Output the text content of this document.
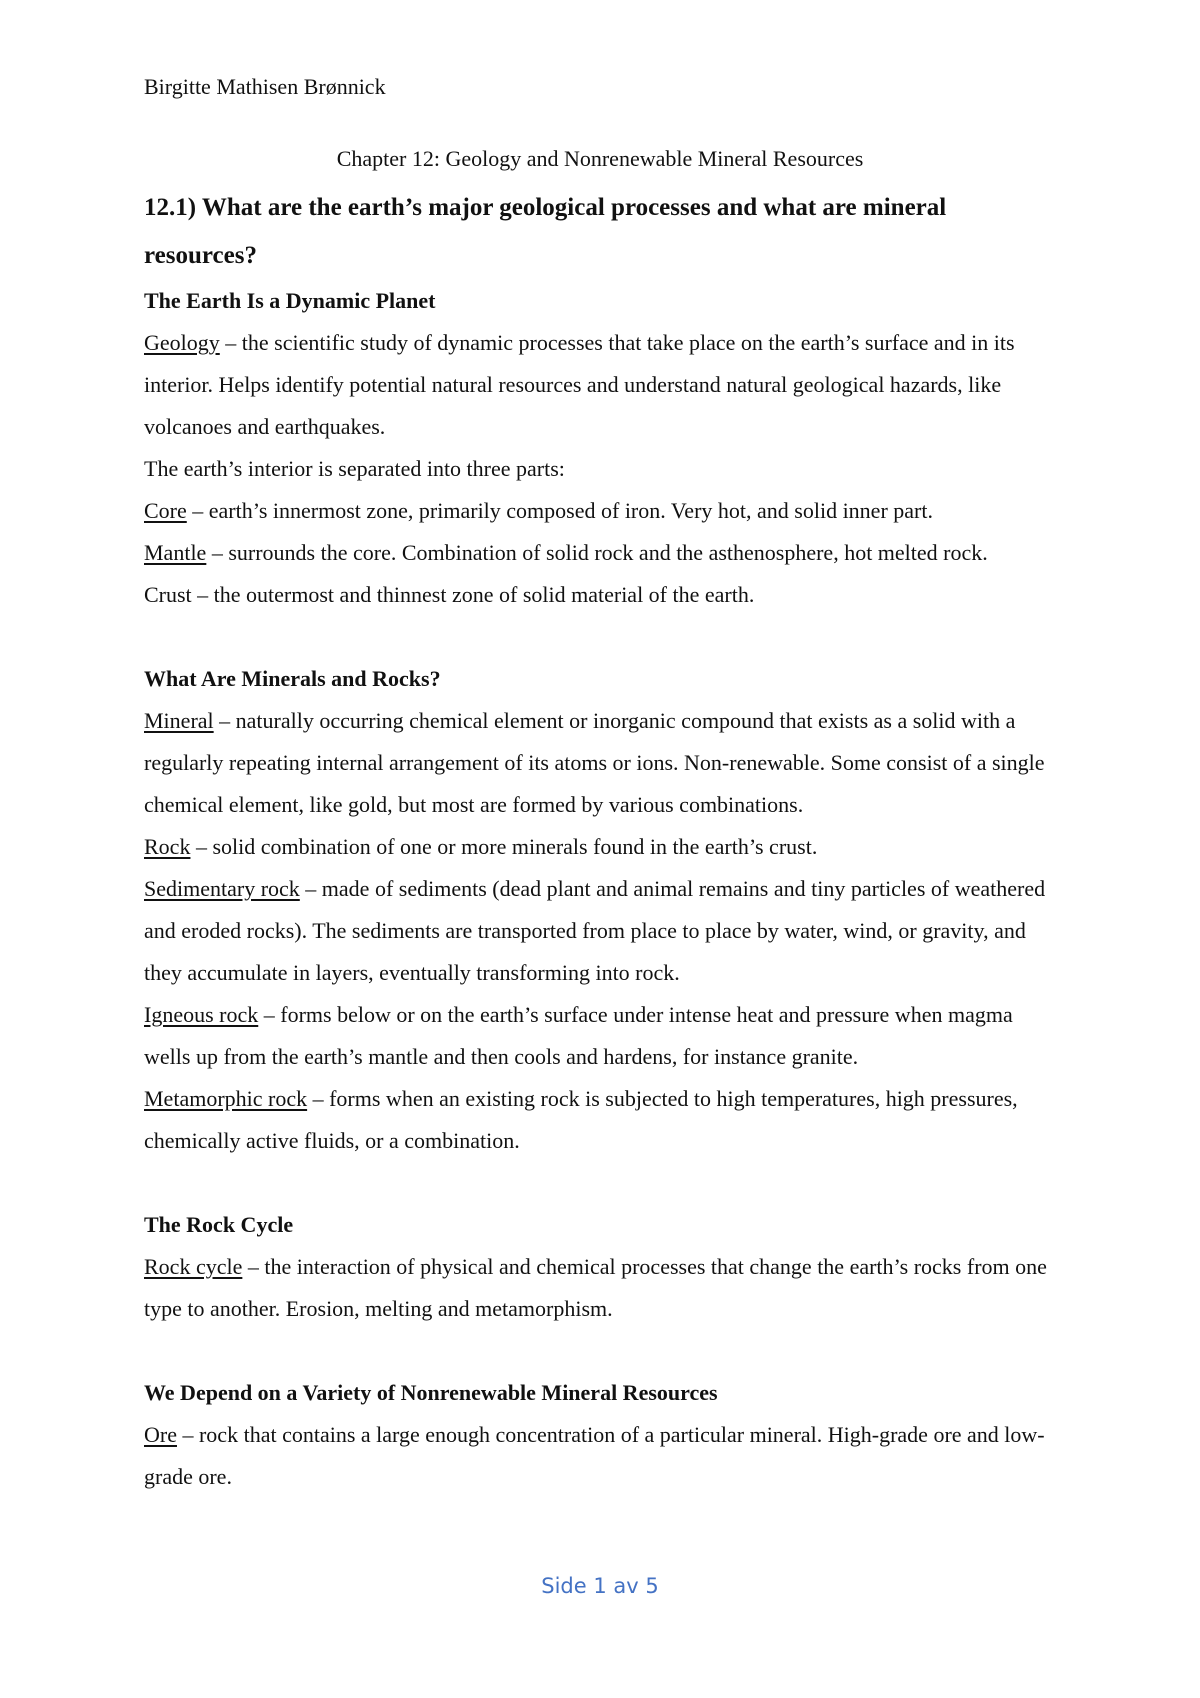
Birgitte Mathisen Brønnick
Chapter 12: Geology and Nonrenewable Mineral Resources

12.1) What are the earth’s major geological processes and what are mineral resources?

The Earth Is a Dynamic Planet

Geology – the scientific study of dynamic processes that take place on the earth’s surface and in its interior. Helps identify potential natural resources and understand natural geological hazards, like volcanoes and earthquakes.

The earth’s interior is separated into three parts:

Core – earth’s innermost zone, primarily composed of iron. Very hot, and solid inner part.

Mantle – surrounds the core. Combination of solid rock and the asthenosphere, hot melted rock.

Crust – the outermost and thinnest zone of solid material of the earth.

What Are Minerals and Rocks?

Mineral – naturally occurring chemical element or inorganic compound that exists as a solid with a regularly repeating internal arrangement of its atoms or ions. Non-renewable. Some consist of a single chemical element, like gold, but most are formed by various combinations.

Rock – solid combination of one or more minerals found in the earth’s crust.

Sedimentary rock – made of sediments (dead plant and animal remains and tiny particles of weathered and eroded rocks). The sediments are transported from place to place by water, wind, or gravity, and they accumulate in layers, eventually transforming into rock.

Igneous rock – forms below or on the earth’s surface under intense heat and pressure when magma wells up from the earth’s mantle and then cools and hardens, for instance granite.

Metamorphic rock – forms when an existing rock is subjected to high temperatures, high pressures, chemically active fluids, or a combination.

The Rock Cycle

Rock cycle – the interaction of physical and chemical processes that change the earth’s rocks from one type to another. Erosion, melting and metamorphism.

We Depend on a Variety of Nonrenewable Mineral Resources

Ore – rock that contains a large enough concentration of a particular mineral. High-grade ore and low-grade ore.

Side 1 av 5
